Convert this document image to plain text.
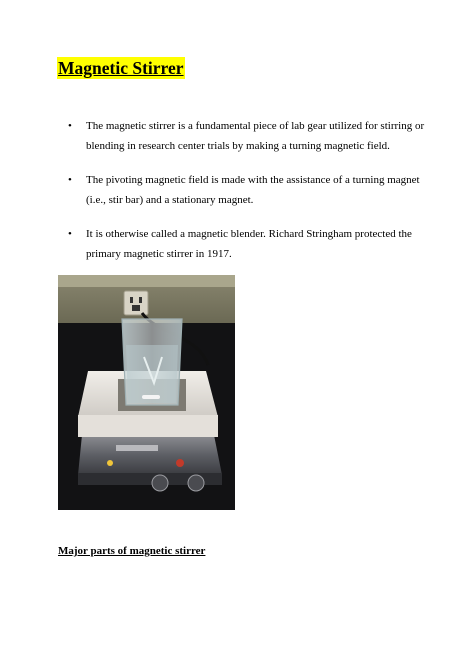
Magnetic Stirrer
• The magnetic stirrer is a fundamental piece of lab gear utilized for stirring or blending in research center trials by making a turning magnetic field.
• The pivoting magnetic field is made with the assistance of a turning magnet (i.e., stir bar) and a stationary magnet.
• It is otherwise called a magnetic blender. Richard Stringham protected the primary magnetic stirrer in 1917.
Major parts of magnetic stirrer
